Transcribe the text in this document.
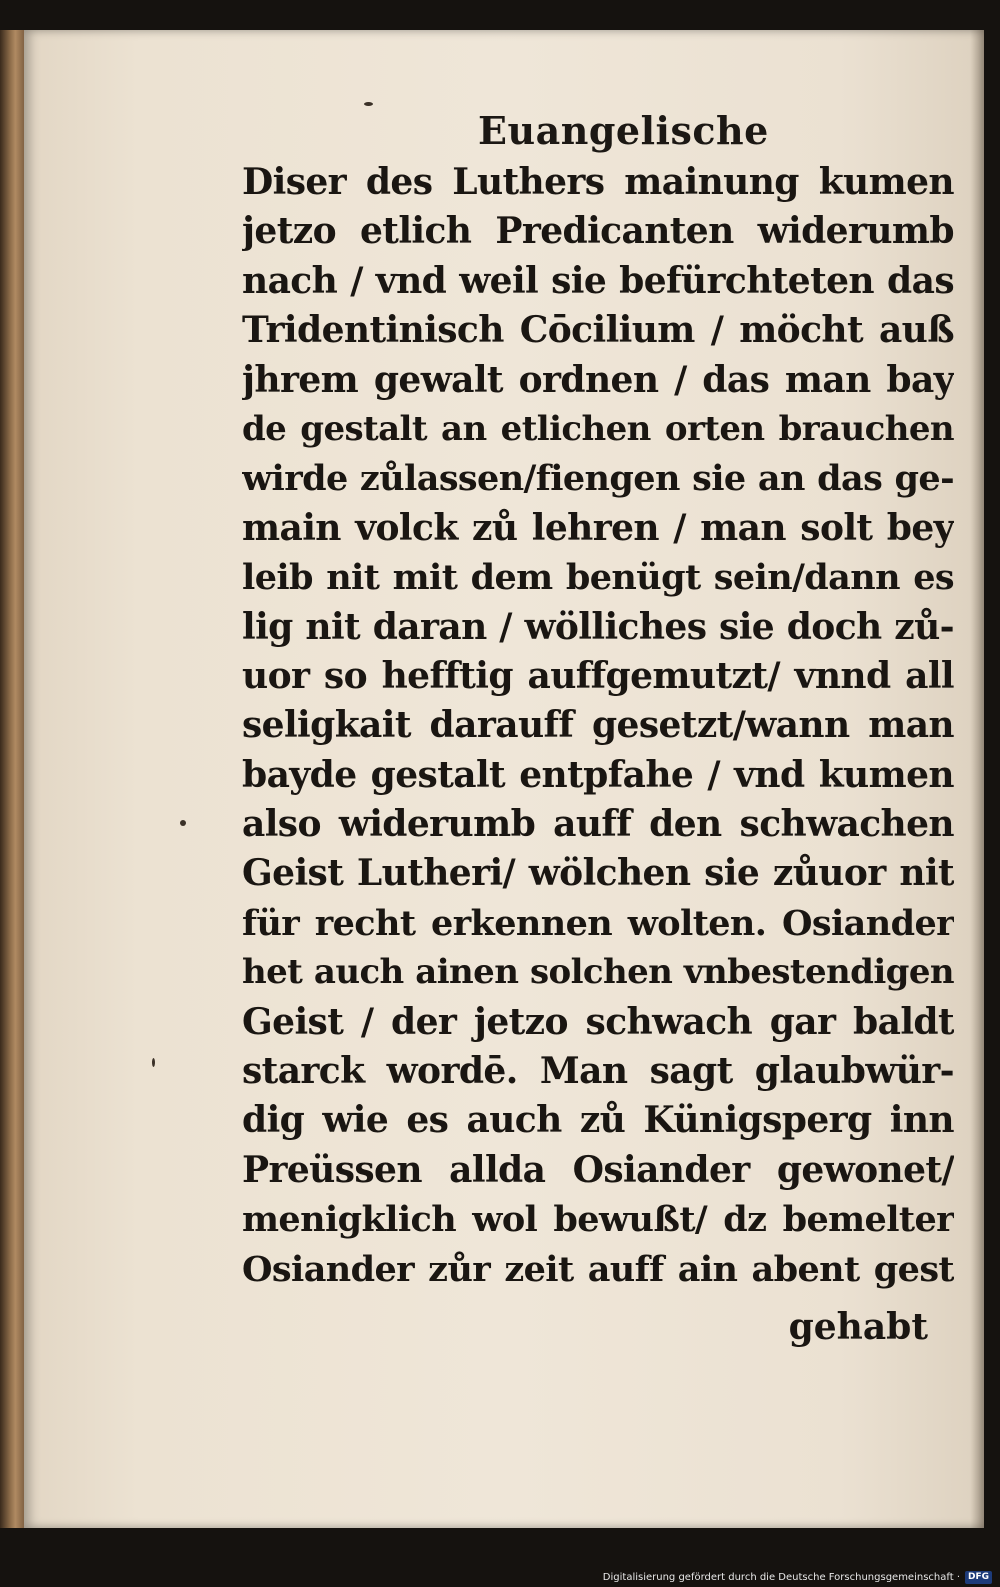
Euangelische
Diser des Luthers mainung kumen
jetzo etlich Predicanten widerumb
nach / vnd weil sie befürchteten das
Tridentinisch Cōcilium / möcht auß
jhrem gewalt ordnen / das man bay
de gestalt an etlichen orten brauchen
wirde zůlassen/fiengen sie an das ge-
main volck zů lehren / man solt bey
leib nit mit dem benügt sein/dann es
lig nit daran / wölliches sie doch zů-
uor so hefftig auffgemutzt/ vnnd all
seligkait darauff gesetzt/wann man
bayde gestalt entpfahe / vnd kumen
also widerumb auff den schwachen
Geist Lutheri/ wölchen sie zůuor nit
für recht erkennen wolten. Osiander
het auch ainen solchen vnbestendigen
Geist / der jetzo schwach gar baldt
starck wordē. Man sagt glaubwür-
dig wie es auch zů Künigsperg inn
Preüssen allda Osiander gewonet/
menigklich wol bewußt/ dz bemelter
Osiander zůr zeit auff ain abent gest
gehabt
Digitalisierung gefördert durch die Deutsche Forschungsgemeinschaft · DFG
